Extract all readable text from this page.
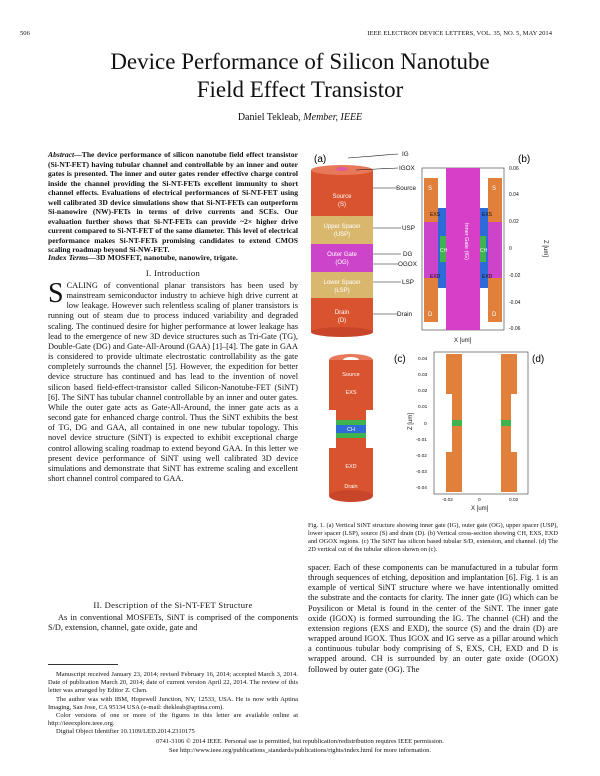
506	IEEE ELECTRON DEVICE LETTERS, VOL. 35, NO. 5, MAY 2014
Device Performance of Silicon Nanotube
Field Effect Transistor
Daniel Tekleab, Member, IEEE
Abstract—The device performance of silicon nanotube field effect transistor (Si-NT-FET) having tubular channel and controllable by an inner and outer gates is presented. The inner and outer gates render effective charge control inside the channel providing the Si-NT-FETs excellent immunity to short channel effects. Evaluations of electrical performances of Si-NT-FET using well calibrated 3D device simulations show that Si-NT-FETs can outperform Si-nanowire (NW)-FETs in terms of drive currents and SCEs. Our evaluation further shows that Si-NT-FETs can provide ~2× higher drive current compared to Si-NT-FET of the same diameter. This level of electrical performance makes Si-NT-FETs promising candidates to extend CMOS scaling roadmap beyond Si-NW-FET.
Index Terms—3D MOSFET, nanotube, nanowire, trigate.
I. Introduction
SCALING of conventional planar transistors has been used by mainstream semiconductor industry to achieve high drive current at low leakage. However such relentless scaling of planer transistors is running out of steam due to process induced variability and degraded scaling. The continued desire for higher performance at lower leakage has lead to the emergence of new 3D device structures such as Tri-Gate (TG), Double-Gate (DG) and Gate-All-Around (GAA) [1]–[4]. The gate in GAA is considered to provide ultimate electrostatic controllability as the gate completely surrounds the channel [5]. However, the expedition for better device structure has continued and has lead to the invention of novel silicon based field-effect-transistor called Silicon-Nanotube-FET (SiNT) [6]. The SiNT has tubular channel controllable by an inner and outer gates. While the outer gate acts as Gate-All-Around, the inner gate acts as a second gate for enhanced charge control. Thus the SiNT exhibits the best of TG, DG and GAA, all contained in one new tubular topology. This novel device structure (SiNT) is expected to exhibit exceptional charge control allowing scaling roadmap to extend beyond GAA. In this letter we present device performance of SiNT using well calibrated 3D device simulations and demonstrate that SiNT has extreme scaling and excellent short channel control compared to GAA.
II. Description of the Si-NT-FET Structure
As in conventional MOSFETs, SiNT is comprised of the components S/D, extension, channel, gate oxide, gate and
Manuscript received January 23, 2014; revised February 16, 2014; accepted March 3, 2014. Date of publication March 20, 2014; date of current version April 22, 2014. The review of this letter was arranged by Editor Z. Chen.
The author was with IBM, Hopewell Junction, NY, 12533, USA. He is now with Aptina Imaging, San Jose, CA 95134 USA (e-mail: dtekleab@aptina.com).
Color versions of one or more of the figures in this letter are available online at http://ieeexplore.ieee.org.
Digital Object Identifier 10.1109/LED.2014.2310175
(a)
Source
(S)
Upper Spacer
(USP)
Outer Gate
(OG)
Lower Spacer
(LSP)
Drain
(D)
IG
IGOX
Source
USP
DG
OGOX
LSP
Drain
(b)
S	S
EXS	EXS
CH	CH
EXD	EXD
D	D
Inner Gate (IG)
0.06
0.04
0.02
0
-0.02
-0.04
-0.06
X [um]
Z [um]
(c)
Source
EXS
CH
EXD
Drain
(d)
0.04
0.03
0.02
0.01
0
-0.01
-0.02
-0.03
-0.04
-0.02	0	0.02
X [um]
Z [um]
Fig. 1. (a) Vertical SiNT structure showing inner gate (IG), outer gate (OG), upper spacer (USP), lower spacer (LSP), source (S) and drain (D). (b) Vertical cross-section showing CH, EXS, EXD and OGOX regions. (c) The SiNT has silicon based tubular S/D, extension, and channel. (d) The 2D vertical cut of the tubular silicon shown on (c).
spacer. Each of these components can be manufactured in a tubular form through sequences of etching, deposition and implantation [6]. Fig. 1 is an example of vertical SiNT structure where we have intentionally omitted the substrate and the contacts for clarity. The inner gate (IG) which can be Poysilicon or Metal is found in the center of the SiNT. The inner gate oxide (IGOX) is formed surrounding the IG. The channel (CH) and the extension regions (EXS and EXD), the source (S) and the drain (D) are wrapped around IGOX. Thus IGOX and IG serve as a pillar around which a continuous tubular body comprising of S, EXS, CH, EXD and D is wrapped around. CH is surrounded by an outer gate oxide (OGOX) followed by outer gate (OG). The
0741-3106 © 2014 IEEE. Personal use is permitted, but republication/redistribution requires IEEE permission.
See http://www.ieee.org/publications_standards/publications/rights/index.html for more information.
